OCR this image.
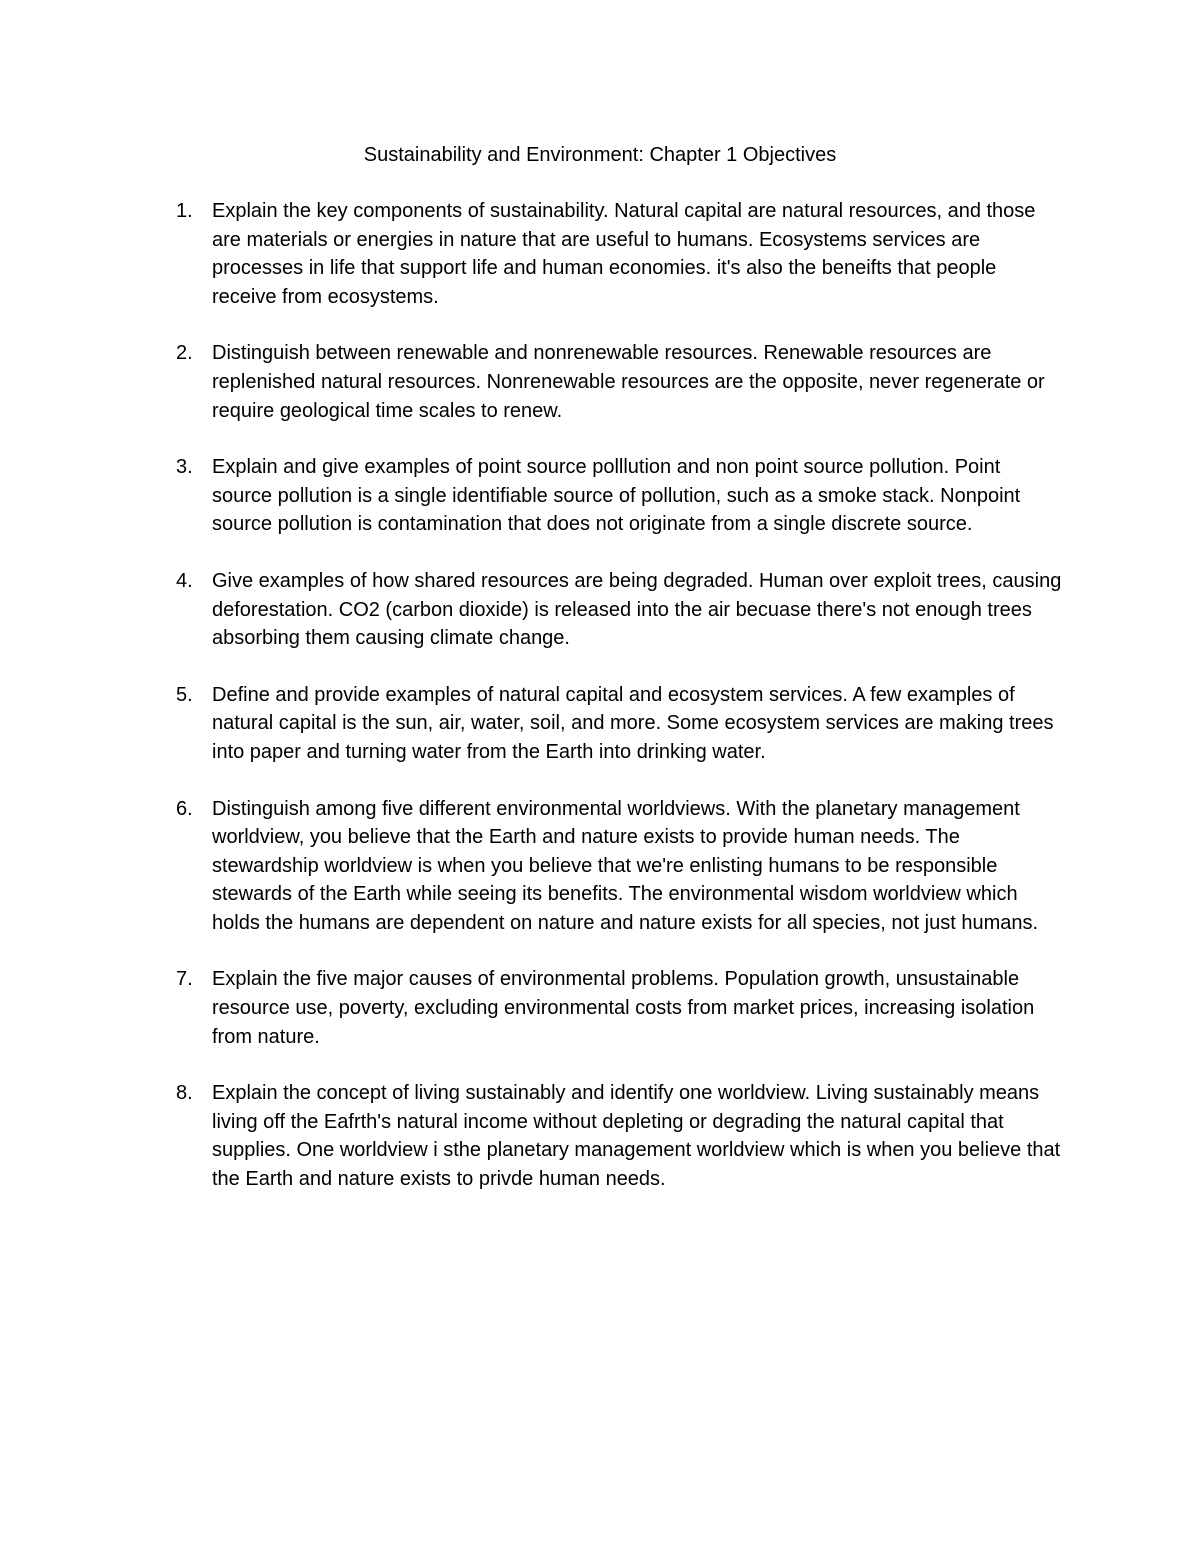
Sustainability and Environment: Chapter 1 Objectives
1. Explain the key components of sustainability. Natural capital are natural resources, and those are materials or energies in nature that are useful to humans. Ecosystems services are processes in life that support life and human economies. it's also the beneifts that people receive from ecosystems.
2. Distinguish between renewable and nonrenewable resources. Renewable resources are replenished natural resources. Nonrenewable resources are the opposite, never regenerate or require geological time scales to renew.
3. Explain and give examples of point source polllution and non point source pollution. Point source pollution is a single identifiable source of pollution, such as a smoke stack. Nonpoint source pollution is contamination that does not originate from a single discrete source.
4. Give examples of how shared resources are being degraded. Human over exploit trees, causing deforestation. CO2 (carbon dioxide) is released into the air becuase there's not enough trees absorbing them causing climate change.
5. Define and provide examples of natural capital and ecosystem services. A few examples of natural capital is the sun, air, water, soil, and more. Some ecosystem services are making trees into paper and turning water from the Earth into drinking water.
6. Distinguish among five different environmental worldviews. With the planetary management worldview, you believe that the Earth and nature exists to provide human needs. The stewardship worldview is when you believe that we're enlisting humans to be responsible stewards of the Earth while seeing its benefits. The environmental wisdom worldview which holds the humans are dependent on nature and nature exists for all species, not just humans.
7. Explain the five major causes of environmental problems. Population growth, unsustainable resource use, poverty, excluding environmental costs from market prices, increasing isolation from nature.
8. Explain the concept of living sustainably and identify one worldview. Living sustainably means living off the Eafrth's natural income without depleting or degrading the natural capital that supplies. One worldview i sthe planetary management worldview which is when you believe that the Earth and nature exists to privde human needs.
